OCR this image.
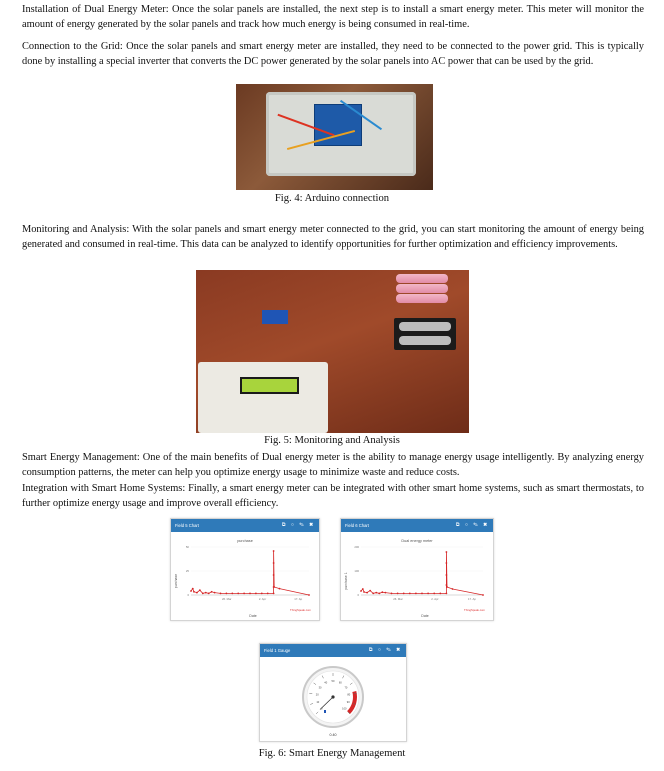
Installation of Dual Energy Meter: Once the solar panels are installed, the next step is to install a smart energy meter. This meter will monitor the amount of energy generated by the solar panels and track how much energy is being consumed in real-time.

Connection to the Grid: Once the solar panels and smart energy meter are installed, they need to be connected to the power grid. This is typically done by installing a special inverter that converts the DC power generated by the solar panels into AC power that can be used by the grid.

Fig. 4: Arduino connection

Monitoring and Analysis: With the solar panels and smart energy meter connected to the grid, you can start monitoring the amount of energy being generated and consumed in real-time. This data can be analyzed to identify opportunities for further optimization and efficiency improvements.

Fig. 5: Monitoring and Analysis

Smart Energy Management: One of the main benefits of Dual energy meter is the ability to manage energy usage intelligently. By analyzing energy consumption patterns, the meter can help you optimize energy usage to minimize waste and reduce costs.

Integration with Smart Home Systems: Finally, a smart energy meter can be integrated with other smart home systems, such as smart thermostats, to further optimize energy usage and improve overall efficiency.

Field 5 Chart	⧉ ○ ✎ ✖
purchase
purchase
Date
50
25
0
26. Mar	2. Apr	17. Ap
ThingSpeak.com
Field 6 Chart	⧉ ○ ✎ ✖
Dual energy meter
purchase 1
Date
200
100
0
26. Mar	2. Apr	17. Ap
ThingSpeak.com
Field 1 Gauge	⧉ ○ ✎ ✖
0.40
0
10
20
30
40
50
60
70
80
90
100

Fig. 6: Smart Energy Management
